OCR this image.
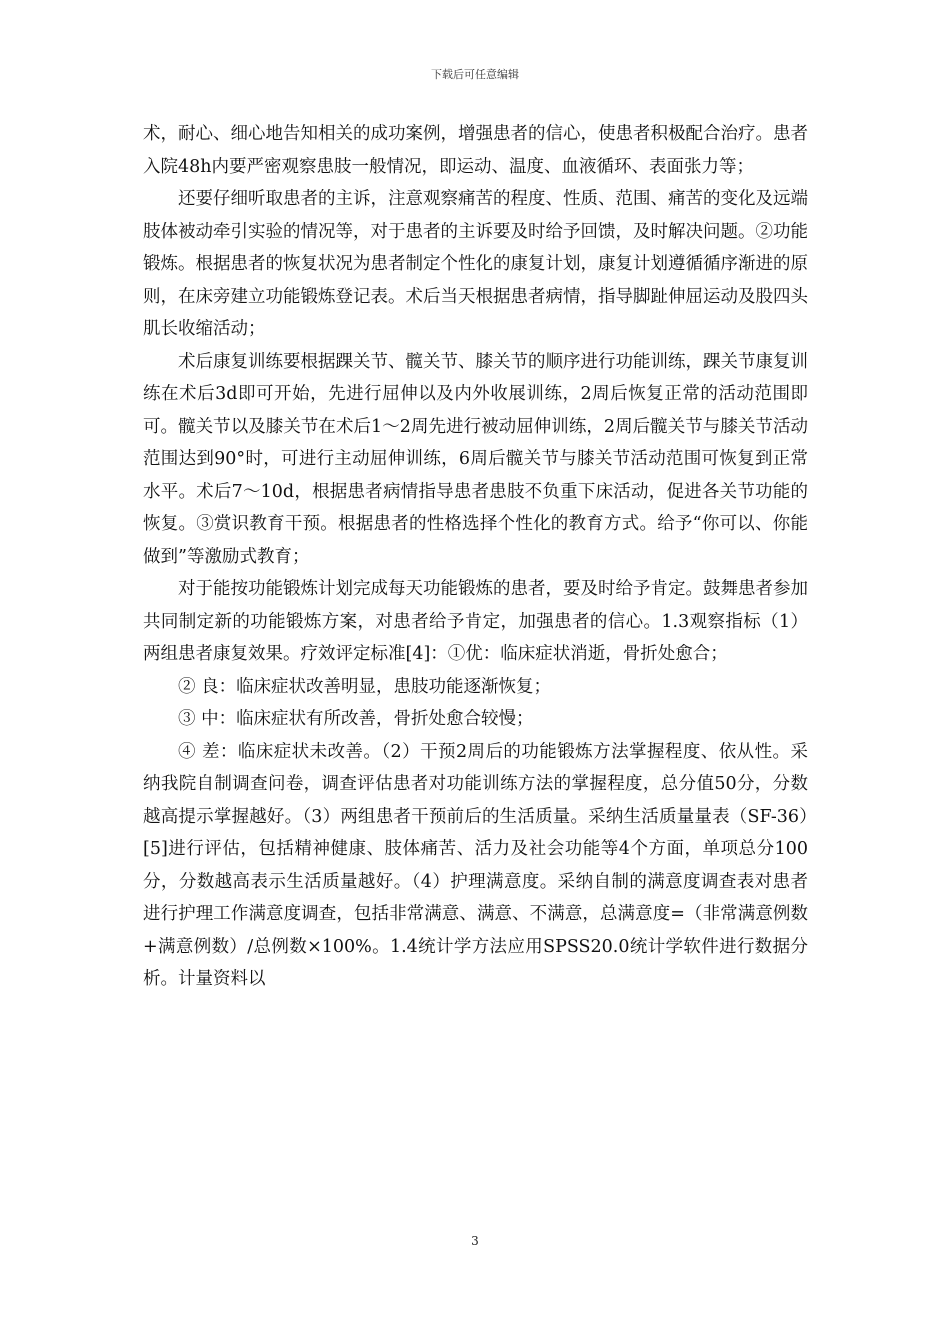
下载后可任意编辑

术，耐心、细心地告知相关的成功案例，增强患者的信心，使患者积极配合治疗。患者入院48h内要严密观察患肢一般情况，即运动、温度、血液循环、表面张力等；

还要仔细听取患者的主诉，注意观察痛苦的程度、性质、范围、痛苦的变化及远端肢体被动牵引实验的情况等，对于患者的主诉要及时给予回馈，及时解决问题。②功能锻炼。根据患者的恢复状况为患者制定个性化的康复计划，康复计划遵循循序渐进的原则，在床旁建立功能锻炼登记表。术后当天根据患者病情，指导脚趾伸屈运动及股四头肌长收缩活动；

术后康复训练要根据踝关节、髋关节、膝关节的顺序进行功能训练，踝关节康复训练在术后3d即可开始，先进行屈伸以及内外收展训练，2周后恢复正常的活动范围即可。髋关节以及膝关节在术后1～2周先进行被动屈伸训练，2周后髋关节与膝关节活动范围达到90°时，可进行主动屈伸训练，6周后髋关节与膝关节活动范围可恢复到正常水平。术后7～10d，根据患者病情指导患者患肢不负重下床活动，促进各关节功能的恢复。③赏识教育干预。根据患者的性格选择个性化的教育方式。给予“你可以、你能做到”等激励式教育；

对于能按功能锻炼计划完成每天功能锻炼的患者，要及时给予肯定。鼓舞患者参加共同制定新的功能锻炼方案，对患者给予肯定，加强患者的信心。1.3观察指标（1）两组患者康复效果。疗效评定标准[4]：①优：临床症状消逝，骨折处愈合；

② 良：临床症状改善明显，患肢功能逐渐恢复；

③ 中：临床症状有所改善，骨折处愈合较慢；

④ 差：临床症状未改善。（2）干预2周后的功能锻炼方法掌握程度、依从性。采纳我院自制调查问卷，调查评估患者对功能训练方法的掌握程度，总分值50分，分数越高提示掌握越好。（3）两组患者干预前后的生活质量。采纳生活质量量表（SF-36）[5]进行评估，包括精神健康、肢体痛苦、活力及社会功能等4个方面，单项总分100分，分数越高表示生活质量越好。（4）护理满意度。采纳自制的满意度调查表对患者进行护理工作满意度调查，包括非常满意、满意、不满意，总满意度=（非常满意例数+满意例数）/总例数×100%。1.4统计学方法应用SPSS20.0统计学软件进行数据分析。计量资料以

3
